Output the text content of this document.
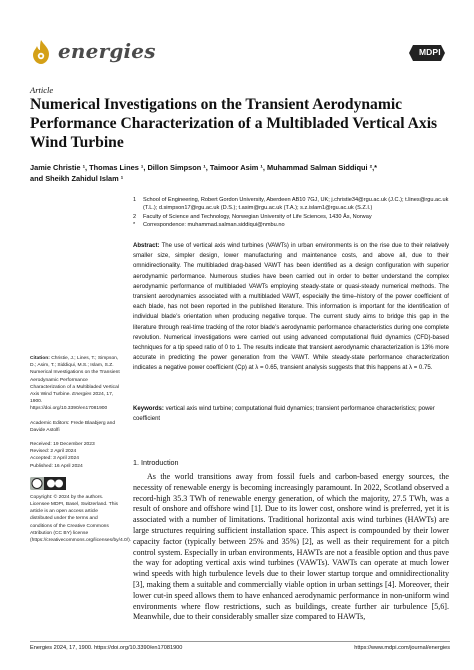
energies	MDPI
Article
Numerical Investigations on the Transient Aerodynamic Performance Characterization of a Multibladed Vertical Axis Wind Turbine
Jamie Christie ¹, Thomas Lines ¹, Dillon Simpson ¹, Taimoor Asim ¹, Muhammad Salman Siddiqui ²,*
and Sheikh Zahidul Islam ¹
1 School of Engineering, Robert Gordon University, Aberdeen AB10 7GJ, UK; j.christie34@rgu.ac.uk (J.C.); t.lines@rgu.ac.uk (T.L.); d.simpson17@rgu.ac.uk (D.S.); t.asim@rgu.ac.uk (T.A.); s.z.islam1@rgu.ac.uk (S.Z.I.)
2 Faculty of Science and Technology, Norwegian University of Life Sciences, 1430 Ås, Norway
* Correspondence: muhammad.salman.siddiqui@nmbu.no

Abstract: The use of vertical axis wind turbines (VAWTs) in urban environments is on the rise due to their relatively smaller size, simpler design, lower manufacturing and maintenance costs, and above all, due to their omnidirectionality. The multibladed drag-based VAWT has been identified as a design configuration with superior aerodynamic performance. Numerous studies have been carried out in order to better understand the complex aerodynamic performance of multibladed VAWTs employing steady-state or quasi-steady numerical methods. The transient aerodynamics associated with a multibladed VAWT, especially the time–history of the power coefficient of each blade, has not been reported in the published literature. This information is important for the identification of individual blade’s orientation when producing negative torque. The current study aims to bridge this gap in the literature through real-time tracking of the rotor blade’s aerodynamic performance characteristics during one complete revolution. Numerical investigations were carried out using advanced computational fluid dynamics (CFD)-based techniques for a tip speed ratio of 0 to 1. The results indicate that transient aerodynamic characterization is 13% more accurate in predicting the power generation from the VAWT. While steady-state performance characterization indicates a negative power coefficient (Cp) at λ = 0.65, transient analysis suggests that this happens at λ = 0.75.

Keywords: vertical axis wind turbine; computational fluid dynamics; transient performance characteristics; power coefficient

1. Introduction

As the world transitions away from fossil fuels and carbon-based energy sources, the necessity of renewable energy is becoming increasingly paramount. In 2022, Scotland observed a record-high 35.3 TWh of renewable energy generation, of which the majority, 27.5 TWh, was a result of onshore and offshore wind [1]. Due to its lower cost, onshore wind is preferred, yet it is associated with a number of limitations. Traditional horizontal axis wind turbines (HAWTs) are large structures requiring sufficient installation space. This aspect is compounded by their lower capacity factor (typically between 25% and 35%) [2], as well as their requirement for a pitch control system. Especially in urban environments, HAWTs are not a feasible option and thus pave the way for adopting vertical axis wind turbines (VAWTs). VAWTs can operate at much lower wind speeds with high turbulence levels due to their lower startup torque and omnidirectionality [3], making them a suitable and commercially viable option in urban settings [4]. Moreover, their lower cut-in speed allows them to have enhanced aerodynamic performance in non-uniform wind environments where flow restrictions, such as buildings, create further air turbulence [5,6]. Meanwhile, due to their considerably smaller size compared to HAWTs,

Citation: Christie, J.; Lines, T.; Simpson, D.; Asim, T.; Siddiqui, M.S.; Islam, S.Z. Numerical Investigations on the Transient Aerodynamic Performance Characterization of a Multibladed Vertical Axis Wind Turbine. Energies 2024, 17, 1900. https://doi.org/10.3390/en17081900
Academic Editors: Frede Blaabjerg and Davide Astolfi
Received: 19 December 2023
Revised: 2 April 2024
Accepted: 3 April 2024
Published: 16 April 2024
Copyright: © 2024 by the authors. Licensee MDPI, Basel, Switzerland. This article is an open access article distributed under the terms and conditions of the Creative Commons Attribution (CC BY) license (https://creativecommons.org/licenses/by/4.0/).
Energies 2024, 17, 1900. https://doi.org/10.3390/en17081900	https://www.mdpi.com/journal/energies
